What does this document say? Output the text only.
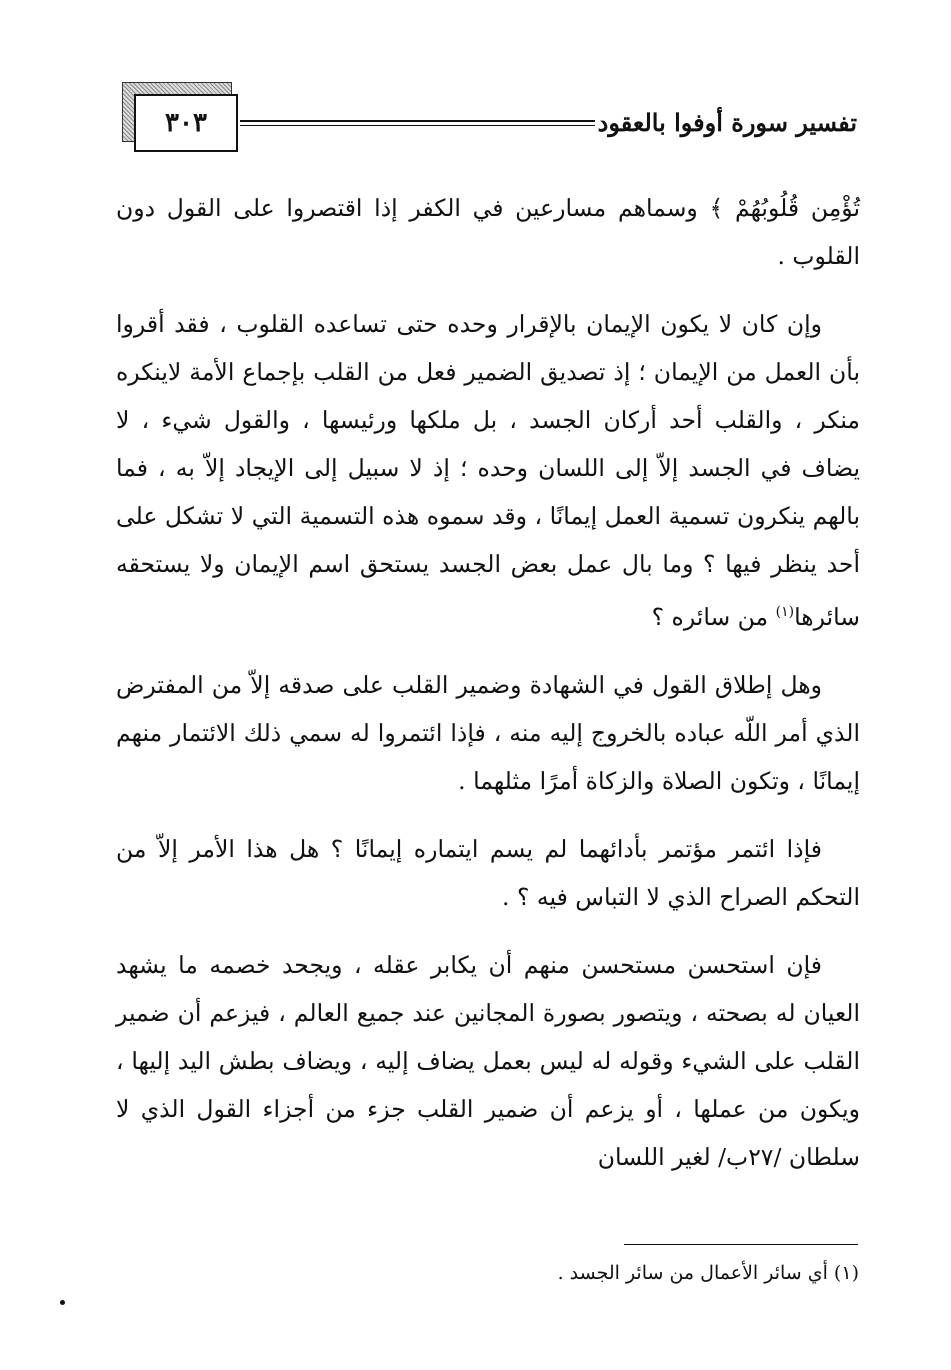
٣٠٣	تفسير سورة أوفوا بالعقود

تُؤْمِن قُلُوبُهُمْ ﴾ وسماهم مسارعين في الكفر إذا اقتصروا على القول دون القلوب .

وإن كان لا يكون الإيمان بالإقرار وحده حتى تساعده القلوب ، فقد أقروا بأن العمل من الإيمان ؛ إذ تصديق الضمير فعل من القلب بإجماع الأمة لاينكره منكر ، والقلب أحد أركان الجسد ، بل ملكها ورئيسها ، والقول شيء ، لا يضاف في الجسد إلاّ إلى اللسان وحده ؛ إذ لا سبيل إلى الإيجاد إلاّ به ، فما بالهم ينكرون تسمية العمل إيمانًا ، وقد سموه هذه التسمية التي لا تشكل على أحد ينظر فيها ؟ وما بال عمل بعض الجسد يستحق اسم الإيمان ولا يستحقه سائرها$^{(١)}$ من سائره ؟

وهل إطلاق القول في الشهادة وضمير القلب على صدقه إلاّ من المفترض الذي أمر اللّه عباده بالخروج إليه منه ، فإذا ائتمروا له سمي ذلك الائتمار منهم إيمانًا ، وتكون الصلاة والزكاة أمرًا مثلهما .

فإذا ائتمر مؤتمر بأدائهما لم يسم ايتماره إيمانًا ؟ هل هذا الأمر إلاّ من التحكم الصراح الذي لا التباس فيه ؟ .

فإن استحسن مستحسن منهم أن يكابر عقله ، ويجحد خصمه ما يشهد العيان له بصحته ، ويتصور بصورة المجانين عند جميع العالم ، فيزعم أن ضمير القلب على الشيء وقوله له ليس بعمل يضاف إليه ، ويضاف بطش اليد إليها ، ويكون من عملها ، أو يزعم أن ضمير القلب جزء من أجزاء القول الذي لا سلطان /٢٧ب/ لغير اللسان

(١) أي سائر الأعمال من سائر الجسد .
